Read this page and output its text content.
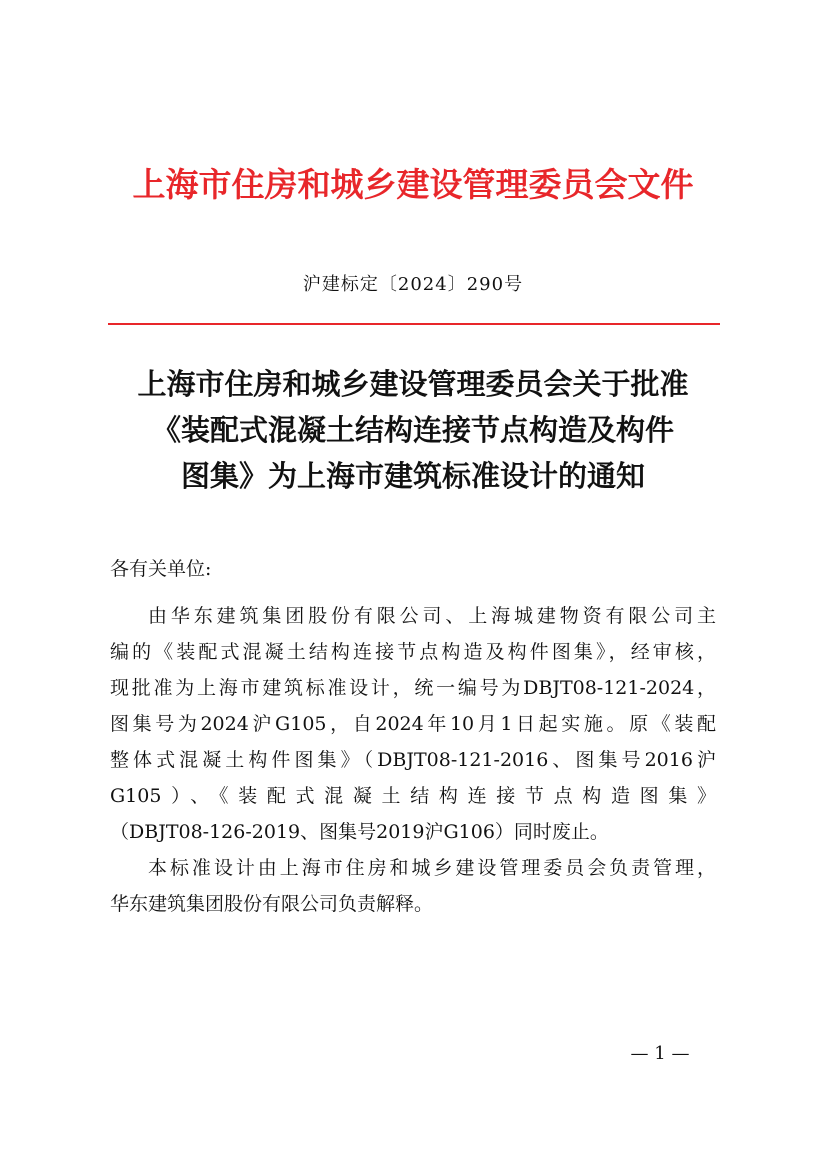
上海市住房和城乡建设管理委员会文件
沪建标定〔2024〕290号
上海市住房和城乡建设管理委员会关于批准
《装配式混凝土结构连接节点构造及构件
图集》为上海市建筑标准设计的通知
各有关单位:
由华东建筑集团股份有限公司、上海城建物资有限公司主
编的《装配式混凝土结构连接节点构造及构件图集》，经审核，
现批准为上海市建筑标准设计，统一编号为DBJT08-121-2024，
图集号为2024沪G105，自2024年10月1日起实施。原《装配
整体式混凝土构件图集》（DBJT08-121-2016、图集号2016沪
G105）、《装配式混凝土结构连接节点构造图集》
（DBJT08-126-2019、图集号2019沪G106）同时废止。
本标准设计由上海市住房和城乡建设管理委员会负责管理，
华东建筑集团股份有限公司负责解释。
— 1 —
